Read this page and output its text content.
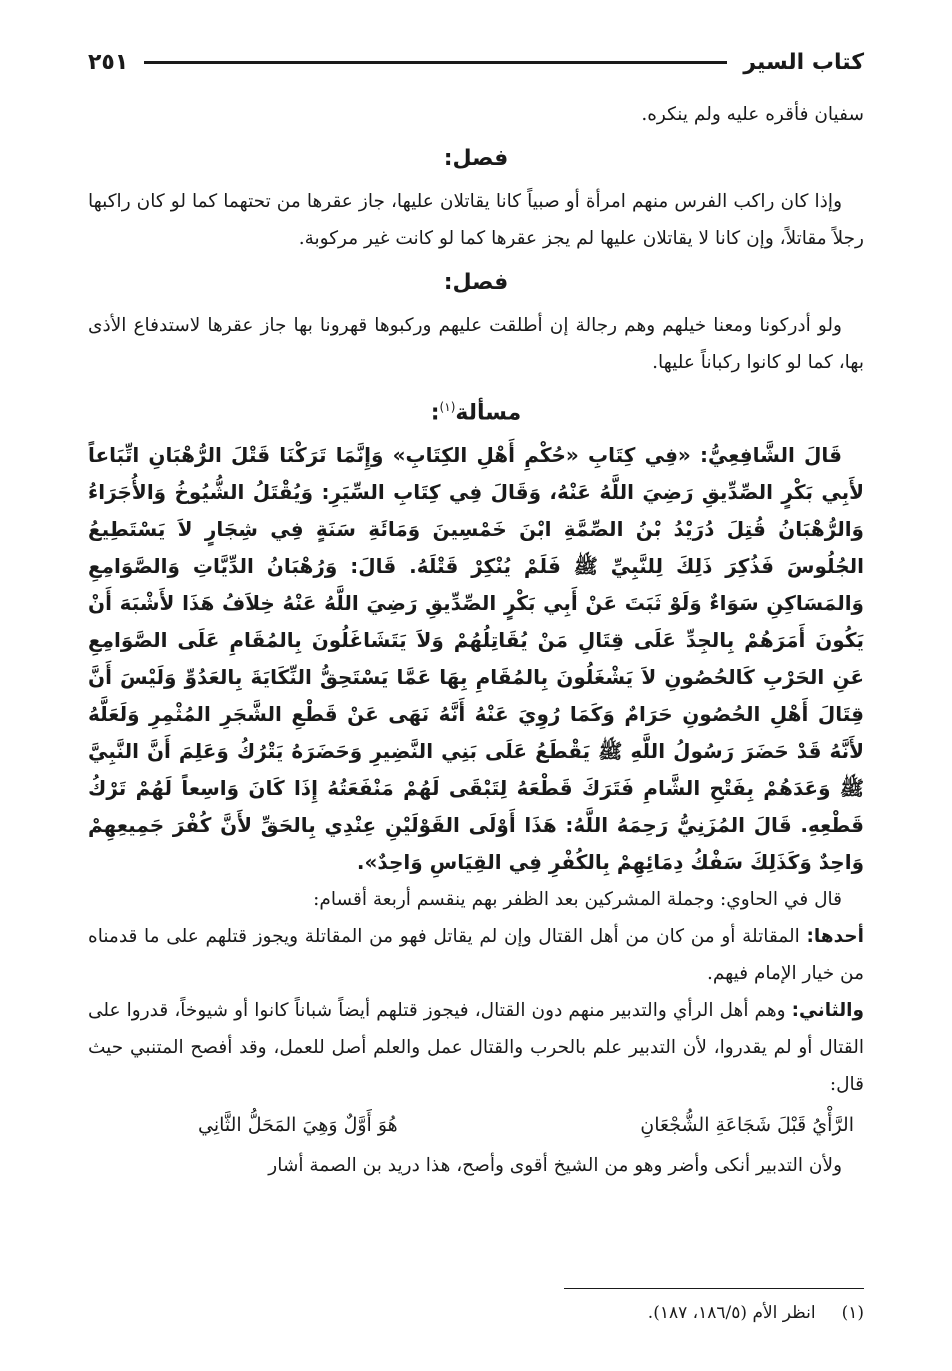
كتاب السير
٢٥١

سفيان فأقره عليه ولم ينكره.

فصل:

وإذا كان راكب الفرس منهم امرأة أو صبياً كانا يقاتلان عليها، جاز عقرها من تحتهما كما لو كان راكبها رجلاً مقاتلاً، وإن كانا لا يقاتلان عليها لم يجز عقرها كما لو كانت غير مركوبة.

فصل:

ولو أدركونا ومعنا خيلهم وهم رجالة إن أطلقت عليهم وركبوها قهرونا بها جاز عقرها لاستدفاع الأذى بها، كما لو كانوا ركباناً عليها.

مسألة$^{(١)}$:

قَالَ الشَّافِعِيُّ: «فِي كِتَابِ «حُكْمِ أَهْلِ الكِتَابِ» وَإِنَّمَا تَرَكْنَا قَتْلَ الرُّهْبَانِ اتِّبَاعاً لأَبِي بَكْرٍ الصِّدِّيقِ رَضِيَ اللَّهُ عَنْهُ، وَقَالَ فِي كِتَابِ السِّيَرِ: وَيُقْتَلُ الشُّيُوخُ وَالأُجَرَاءُ وَالرُّهْبَانُ قُتِلَ دُرَيْدُ بْنُ الصِّمَّةِ ابْنَ خَمْسِينَ وَمَائَةِ سَنَةٍ فِي شِجَارٍ لاَ يَسْتَطِيعُ الجُلُوسَ فَذُكِرَ ذَلِكَ لِلنَّبِيِّ ﷺ فَلَمْ يُنْكِرْ قَتْلَهُ. قَالَ: وَرُهْبَانُ الدِّيَّاتِ وَالصَّوَامِعِ وَالمَسَاكِنِ سَوَاءٌ وَلَوْ ثَبَتَ عَنْ أَبِي بَكْرٍ الصِّدِّيقِ رَضِيَ اللَّهُ عَنْهُ خِلاَفُ هَذَا لأَشْبَهَ أَنْ يَكُونَ أَمَرَهُمْ بِالجِدِّ عَلَى قِتَالِ مَنْ يُقَاتِلُهُمْ وَلاَ يَتَشَاغَلُونَ بِالمُقَامِ عَلَى الصَّوَامِعِ عَنِ الحَرْبِ كَالحُصُونِ لاَ يَشْغَلُونَ بِالمُقَامِ بِهَا عَمَّا يَسْتَحِقُّ النِّكَايَةَ بِالعَدُوِّ وَلَيْسَ أَنَّ قِتَالَ أَهْلِ الحُصُونِ حَرَامٌ وَكَمَا رُوِيَ عَنْهُ أَنَّهُ نَهَى عَنْ قَطْعِ الشَّجَرِ المُثْمِرِ وَلَعَلَّهُ لأَنَّهُ قَدْ حَضَرَ رَسُولُ اللَّهِ ﷺ يَقْطَعُ عَلَى بَنِي النَّضِيرِ وَحَضَرَهُ يَتْرُكُ وَعَلِمَ أَنَّ النَّبِيَّ ﷺ وَعَدَهُمْ بِفَتْحِ الشَّامِ فَتَرَكَ قَطْعَهُ لِتَبْقَى لَهُمْ مَنْفَعَتُهُ إِذَا كَانَ وَاسِعاً لَهُمْ تَرْكُ قَطْعِهِ. قَالَ المُزَنِيُّ رَحِمَهُ اللَّهُ: هَذَا أَوْلَى القَوْلَيْنِ عِنْدِي بِالحَقِّ لأَنَّ كُفْرَ جَمِيعِهِمْ وَاحِدٌ وَكَذَلِكَ سَفْكُ دِمَائِهِمْ بِالكُفْرِ فِي القِيَاسِ وَاحِدٌ».

قال في الحاوي: وجملة المشركين بعد الظفر بهم ينقسم أربعة أقسام:

أحدها: المقاتلة أو من كان من أهل القتال وإن لم يقاتل فهو من المقاتلة ويجوز قتلهم على ما قدمناه من خيار الإمام فيهم.

والثاني: وهم أهل الرأي والتدبير منهم دون القتال، فيجوز قتلهم أيضاً شباناً كانوا أو شيوخاً، قدروا على القتال أو لم يقدروا، لأن التدبير علم بالحرب والقتال عمل والعلم أصل للعمل، وقد أفصح المتنبي حيث قال:

الرَّأْيُ قَبْلَ شَجَاعَةِ الشُّجْعَانِ
هُوَ أَوَّلٌ وَهِيَ المَحَلُّ الثَّانِي

ولأن التدبير أنكى وأضر وهو من الشيخ أقوى وأصح، هذا دريد بن الصمة أشار

(١)انظر الأم (١٨٦/٥، ١٨٧).
